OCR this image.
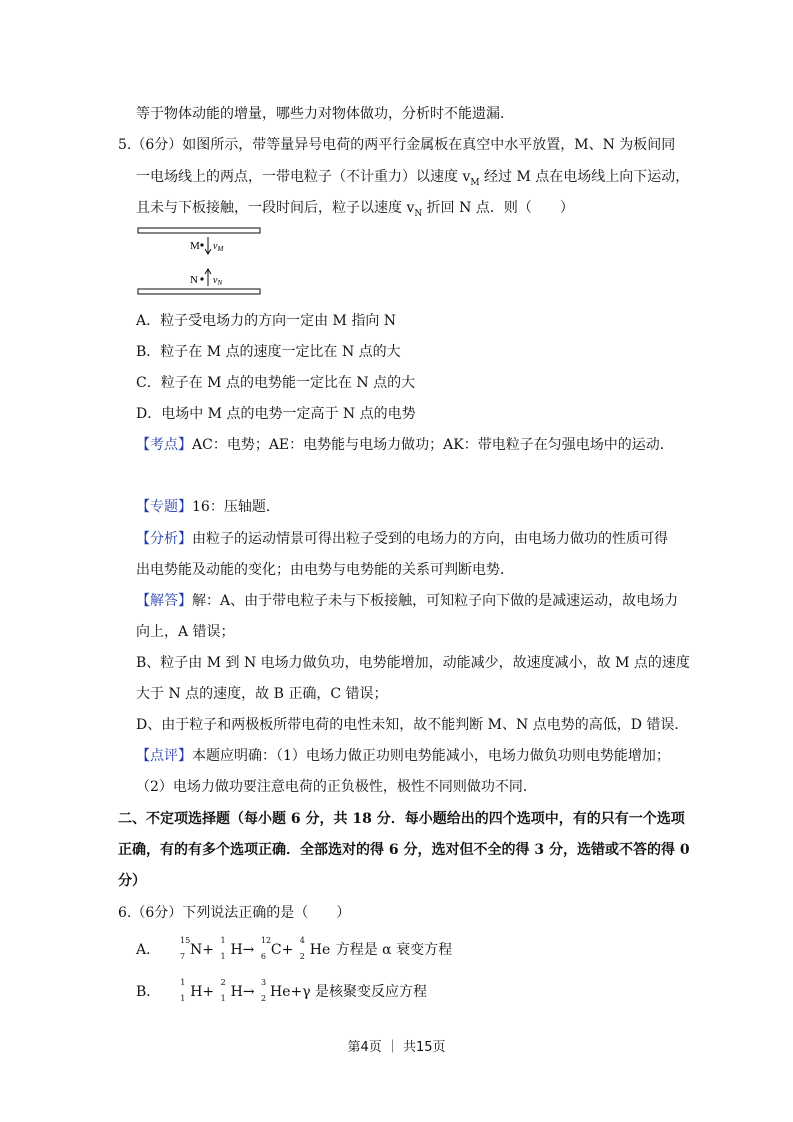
等于物体动能的增量，哪些力对物体做功，分析时不能遗漏．
5.（6分）如图所示，带等量异号电荷的两平行金属板在真空中水平放置，M、N 为板间同
一电场线上的两点，一带电粒子（不计重力）以速度 $v_M$ 经过 M 点在电场线上向下运动，
且未与下板接触，一段时间后，粒子以速度 $v_N$ 折回 N 点．则（　　）
M $v_M$
N $v_N$
A．粒子受电场力的方向一定由 M 指向 N
B．粒子在 M 点的速度一定比在 N 点的大
C．粒子在 M 点的电势能一定比在 N 点的大
D．电场中 M 点的电势一定高于 N 点的电势
【考点】AC：电势；AE：电势能与电场力做功；AK：带电粒子在匀强电场中的运动．
【专题】16：压轴题．
【分析】由粒子的运动情景可得出粒子受到的电场力的方向，由电场力做功的性质可得
出电势能及动能的变化；由电势与电势能的关系可判断电势．
【解答】解：A、由于带电粒子未与下板接触，可知粒子向下做的是减速运动，故电场力
向上，A 错误；
B、粒子由 M 到 N 电场力做负功，电势能增加，动能减少，故速度减小，故 M 点的速度
大于 N 点的速度，故 B 正确，C 错误；
D、由于粒子和两极板所带电荷的电性未知，故不能判断 M、N 点电势的高低，D 错误．
【点评】本题应明确：（1）电场力做正功则电势能减小，电场力做负功则电势能增加；
（2）电场力做功要注意电荷的正负极性，极性不同则做功不同．
二、不定项选择题（每小题 6 分，共 18 分．每小题给出的四个选项中，有的只有一个选项
正确，有的有多个选项正确．全部选对的得 6 分，选对但不全的得 3 分，选错或不答的得 0
分）
6.（6分）下列说法正确的是（　　）
A．
15
7 N+
1
1 H→
12
6 C+
4
2 He 方程是 α 衰变方程
B．
1
1 H+
2
1 H→
3
2 He+γ 是核聚变反应方程
第4页 ｜ 共15页
